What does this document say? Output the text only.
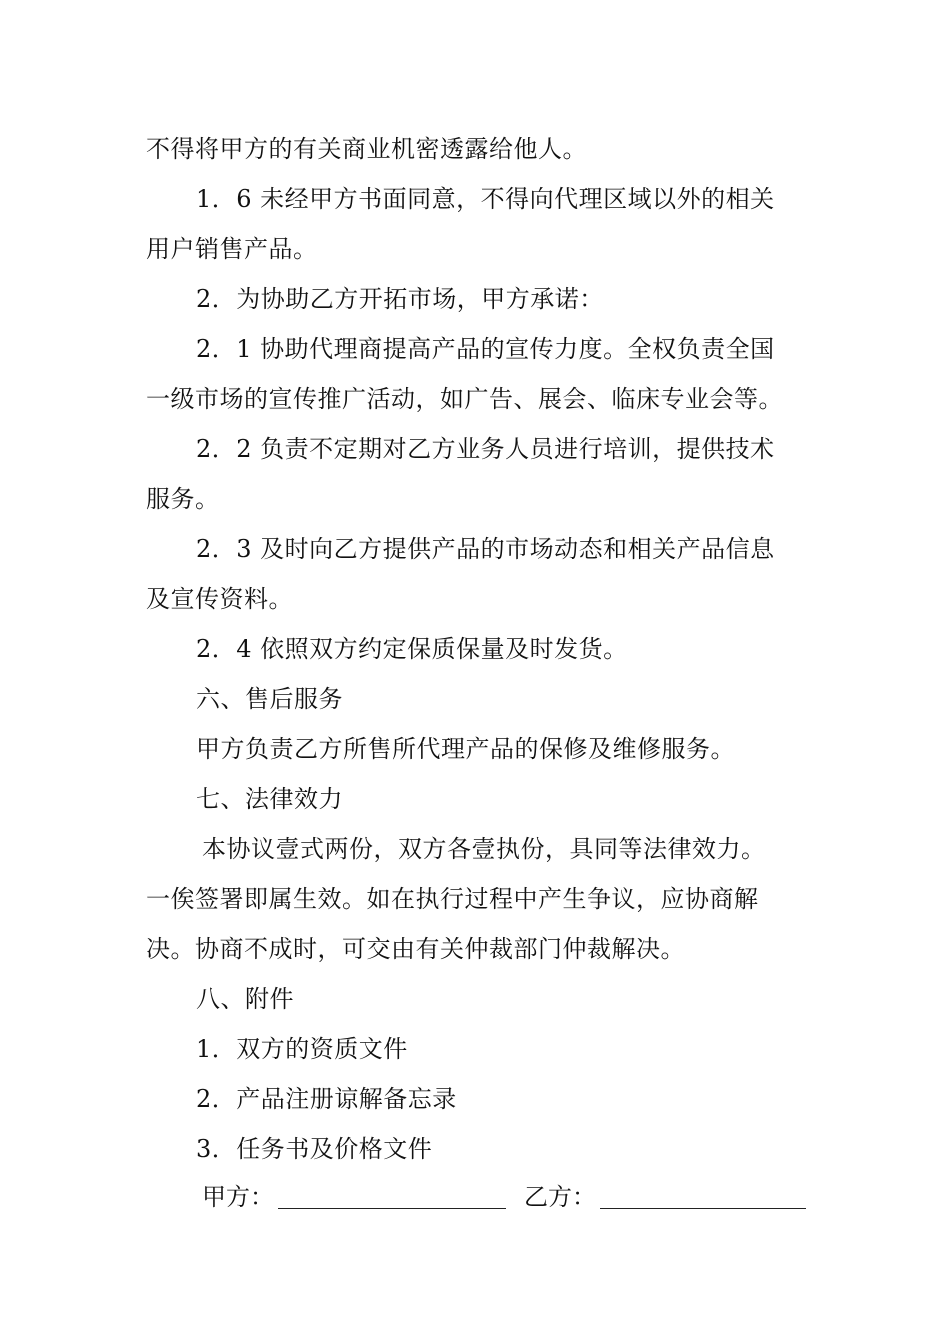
不得将甲方的有关商业机密透露给他人。
1．6 未经甲方书面同意，不得向代理区域以外的相关
用户销售产品。
2．为协助乙方开拓市场，甲方承诺：
2．1 协助代理商提高产品的宣传力度。全权负责全国
一级市场的宣传推广活动，如广告、展会、临床专业会等。
2．2 负责不定期对乙方业务人员进行培训，提供技术
服务。
2．3 及时向乙方提供产品的市场动态和相关产品信息
及宣传资料。
2．4 依照双方约定保质保量及时发货。
六、售后服务
甲方负责乙方所售所代理产品的保修及维修服务。
七、法律效力
本协议壹式两份，双方各壹执份，具同等法律效力。
一俟签署即属生效。如在执行过程中产生争议，应协商解
决。协商不成时，可交由有关仲裁部门仲裁解决。
八、附件
1．双方的资质文件
2．产品注册谅解备忘录
3．任务书及价格文件
甲方：	乙方：
